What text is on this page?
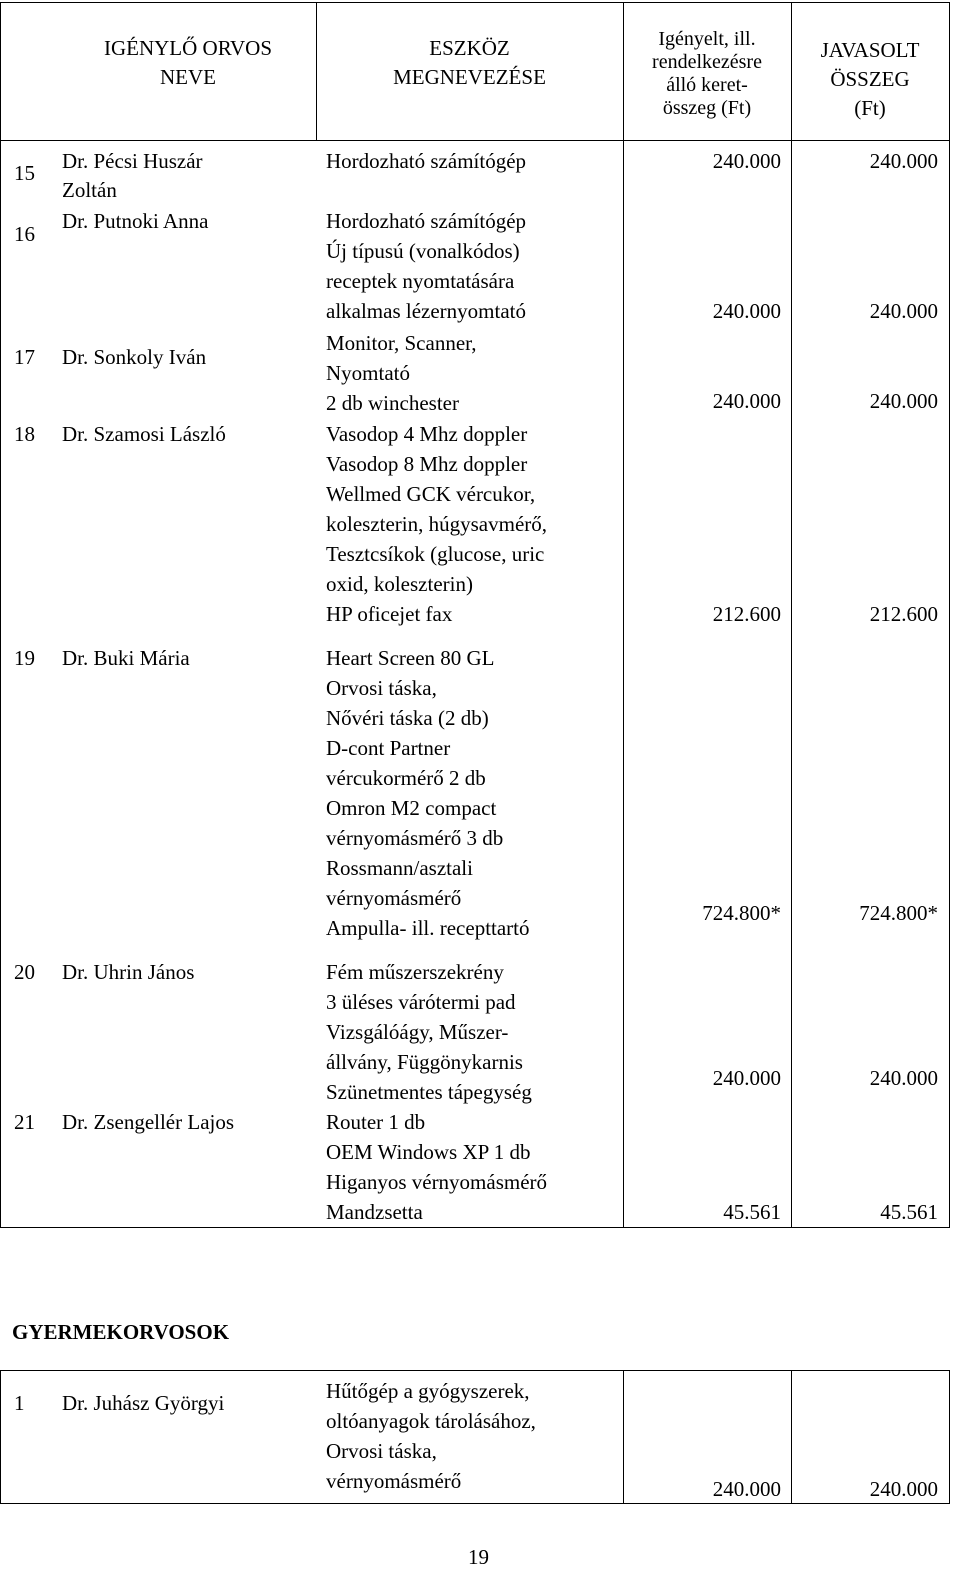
IGÉNYLŐ ORVOS
NEVE
ESZKÖZ
MEGNEVEZÉSE
Igényelt, ill.
rendelkezésre
álló keret-
összeg (Ft)
JAVASOLT
ÖSSZEG
(Ft)
15 Dr. Pécsi Huszár
Zoltán
Hordozható számítógép	240.000	240.000
16
Dr. Putnoki Anna	Hordozható számítógép
Új típusú (vonalkódos)
receptek nyomtatására
alkalmas lézernyomtató	240.000	240.000
17 Dr. Sonkoly Iván
Monitor, Scanner,
Nyomtató
2 db winchester	240.000	240.000
18 Dr. Szamosi László	Vasodop 4 Mhz doppler
Vasodop 8 Mhz doppler
Wellmed GCK vércukor,
koleszterin, húgysavmérő,
Tesztcsíkok (glucose, uric
oxid, koleszterin)
HP oficejet fax	212.600	212.600
19 Dr. Buki Mária	Heart Screen 80 GL
Orvosi táska,
Nővéri táska (2 db)
D-cont Partner
vércukormérő 2 db
Omron M2 compact
vérnyomásmérő 3 db
Rossmann/asztali
vérnyomásmérő
Ampulla- ill. recepttartó
724.800*	724.800*
20 Dr. Uhrin János	Fém műszerszekrény
3 üléses várótermi pad
Vizsgálóágy, Műszer-
állvány, Függönykarnis
Szünetmentes tápegység
240.000	240.000
21 Dr. Zsengellér Lajos	Router 1 db
OEM Windows XP 1 db
Higanyos vérnyomásmérő
Mandzsetta	45.561	45.561
GYERMEKORVOSOK
1 Dr. Juhász Györgyi	Hűtőgép a gyógyszerek,
oltóanyagok tárolásához,
Orvosi táska,
vérnyomásmérő	240.000	240.000
19
